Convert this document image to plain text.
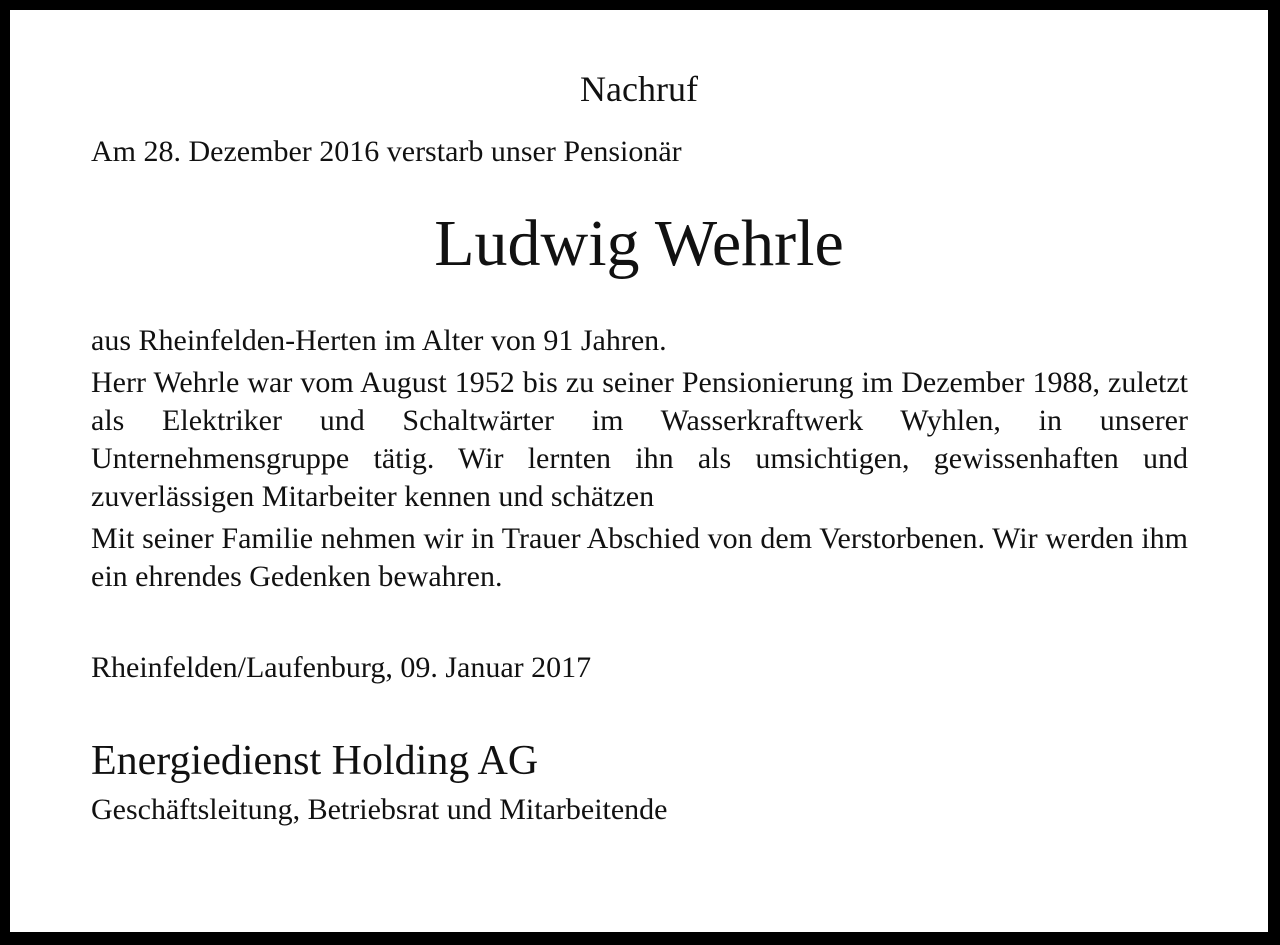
Nachruf
Am 28. Dezember 2016 verstarb unser Pensionär
Ludwig Wehrle

aus Rheinfelden-Herten im Alter von 91 Jahren.

Herr Wehrle war vom August 1952 bis zu seiner Pensionierung im Dezember 1988, zuletzt als Elektriker und Schaltwärter im Wasserkraftwerk Wyhlen, in unserer Unternehmensgruppe tätig. Wir lernten ihn als umsichtigen, gewissenhaften und zuverlässigen Mitarbeiter kennen und schätzen

Mit seiner Familie nehmen wir in Trauer Abschied von dem Verstorbenen. Wir werden ihm ein ehrendes Gedenken bewahren.

Rheinfelden/Laufenburg, 09. Januar 2017
Energiedienst Holding AG
Geschäftsleitung, Betriebsrat und Mitarbeitende
